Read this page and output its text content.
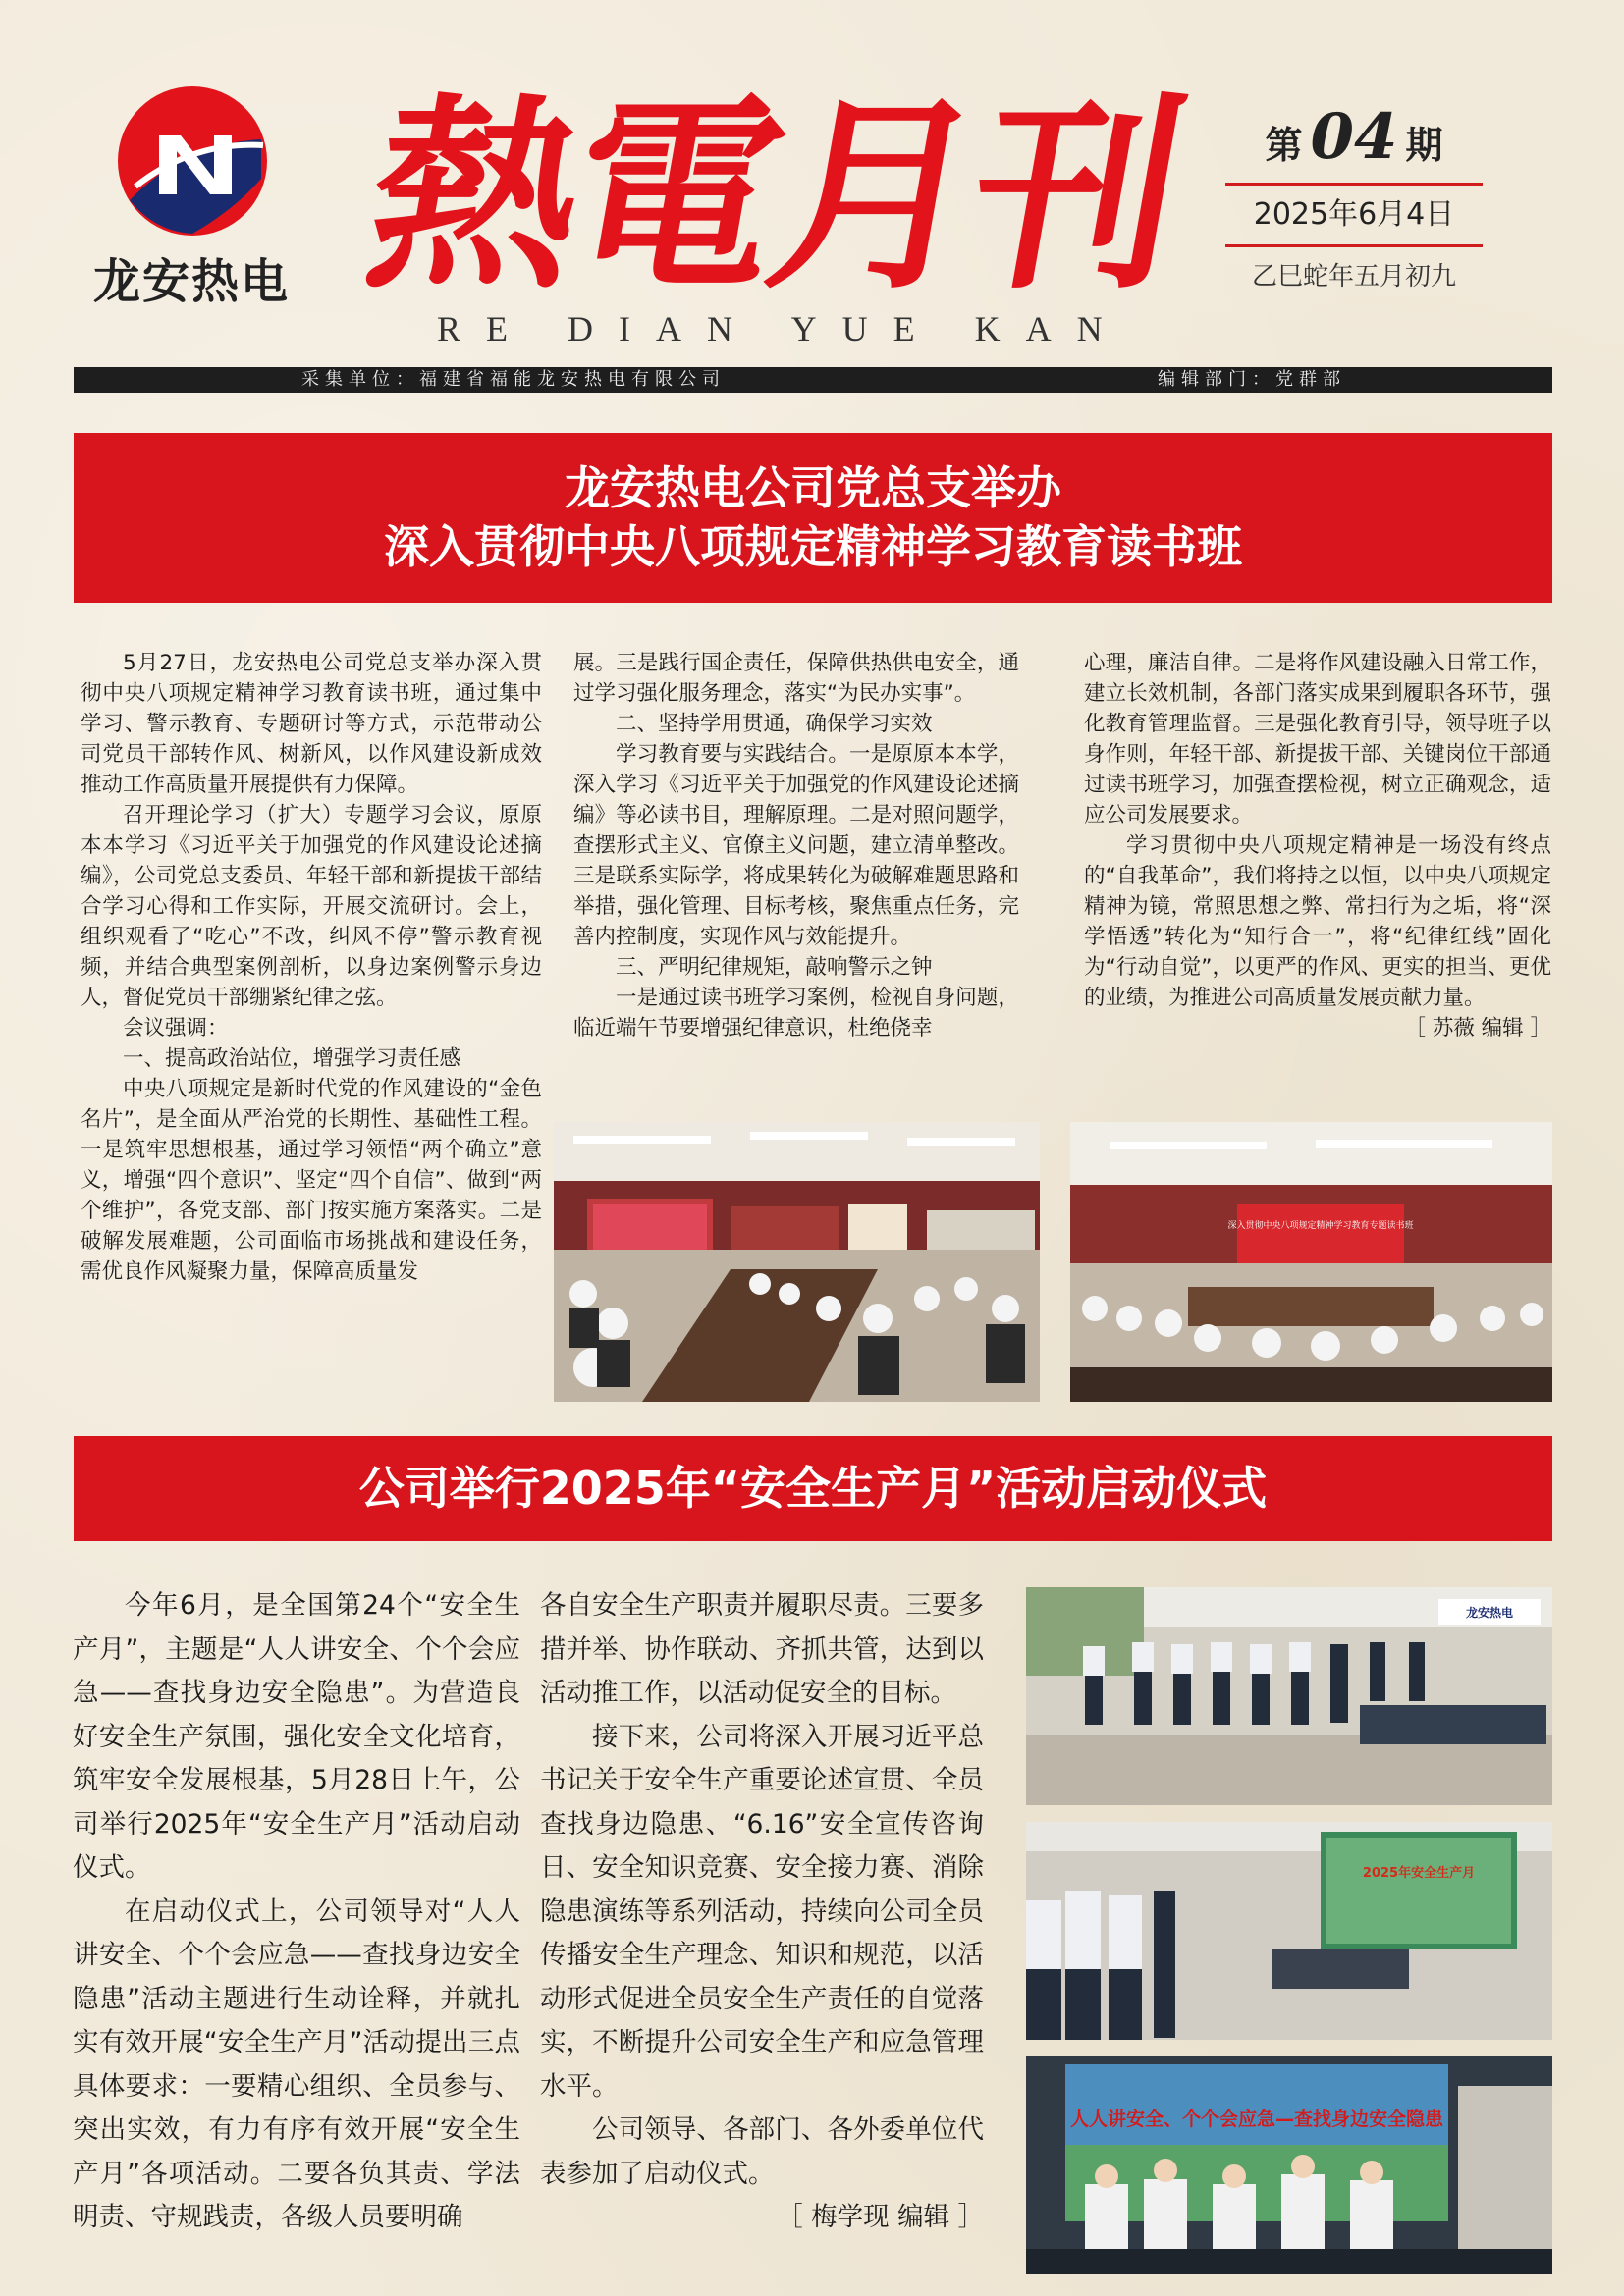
龙安热电 熱電月刊
RE DIAN YUE KAN
第 04 期
2025年6月4日
乙巳蛇年五月初九
采集单位：福建省福能龙安热电有限公司	编辑部门：党群部
龙安热电公司党总支举办
深入贯彻中央八项规定精神学习教育读书班

5月27日，龙安热电公司党总支举办深入贯彻中央八项规定精神学习教育读书班，通过集中学习、警示教育、专题研讨等方式，示范带动公司党员干部转作风、树新风，以作风建设新成效推动工作高质量开展提供有力保障。

召开理论学习（扩大）专题学习会议，原原本本学习《习近平关于加强党的作风建设论述摘编》，公司党总支委员、年轻干部和新提拔干部结合学习心得和工作实际，开展交流研讨。会上，组织观看了“吃心”不改，纠风不停”警示教育视频，并结合典型案例剖析，以身边案例警示身边人，督促党员干部绷紧纪律之弦。

会议强调：

一、提高政治站位，增强学习责任感

中央八项规定是新时代党的作风建设的“金色名片”，是全面从严治党的长期性、基础性工程。一是筑牢思想根基，通过学习领悟“两个确立”意义，增强“四个意识”、坚定“四个自信”、做到“两个维护”，各党支部、部门按实施方案落实。二是破解发展难题，公司面临市场挑战和建设任务，需优良作风凝聚力量，保障高质量发

展。三是践行国企责任，保障供热供电安全，通过学习强化服务理念，落实“为民办实事”。

二、坚持学用贯通，确保学习实效

学习教育要与实践结合。一是原原本本学，深入学习《习近平关于加强党的作风建设论述摘编》等必读书目，理解原理。二是对照问题学，查摆形式主义、官僚主义问题，建立清单整改。三是联系实际学，将成果转化为破解难题思路和举措，强化管理、目标考核，聚焦重点任务，完善内控制度，实现作风与效能提升。

三、严明纪律规矩，敲响警示之钟

一是通过读书班学习案例，检视自身问题，临近端午节要增强纪律意识，杜绝侥幸

心理，廉洁自律。二是将作风建设融入日常工作，建立长效机制，各部门落实成果到履职各环节，强化教育管理监督。三是强化教育引导，领导班子以身作则，年轻干部、新提拔干部、关键岗位干部通过读书班学习，加强查摆检视，树立正确观念，适应公司发展要求。

学习贯彻中央八项规定精神是一场没有终点的“自我革命”，我们将持之以恒，以中央八项规定精神为镜，常照思想之弊、常扫行为之垢，将“深学悟透”转化为“知行合一”，将“纪律红线”固化为“行动自觉”，以更严的作风、更实的担当、更优的业绩，为推进公司高质量发展贡献力量。

［ 苏薇 编辑 ］

深入贯彻中央八项规定精神学习教育专题读书班
公司举行2025年“安全生产月”活动启动仪式

今年6月，是全国第24个“安全生产月”，主题是“人人讲安全、个个会应急——查找身边安全隐患”。为营造良好安全生产氛围，强化安全文化培育，筑牢安全发展根基，5月28日上午，公司举行2025年“安全生产月”活动启动仪式。

在启动仪式上，公司领导对“人人讲安全、个个会应急——查找身边安全隐患”活动主题进行生动诠释，并就扎实有效开展“安全生产月”活动提出三点具体要求：一要精心组织、全员参与、突出实效，有力有序有效开展“安全生产月”各项活动。二要各负其责、学法明责、守规践责，各级人员要明确

各自安全生产职责并履职尽责。三要多措并举、协作联动、齐抓共管，达到以活动推工作，以活动促安全的目标。

接下来，公司将深入开展习近平总书记关于安全生产重要论述宣贯、全员查找身边隐患、“6.16”安全宣传咨询日、安全知识竞赛、安全接力赛、消除隐患演练等系列活动，持续向公司全员传播安全生产理念、知识和规范，以活动形式促进全员安全生产责任的自觉落实，不断提升公司安全生产和应急管理水平。

公司领导、各部门、各外委单位代表参加了启动仪式。

［ 梅学现 编辑 ］

龙安热电
2025年安全生产月
人人讲安全、个个会应急—查找身边安全隐患
